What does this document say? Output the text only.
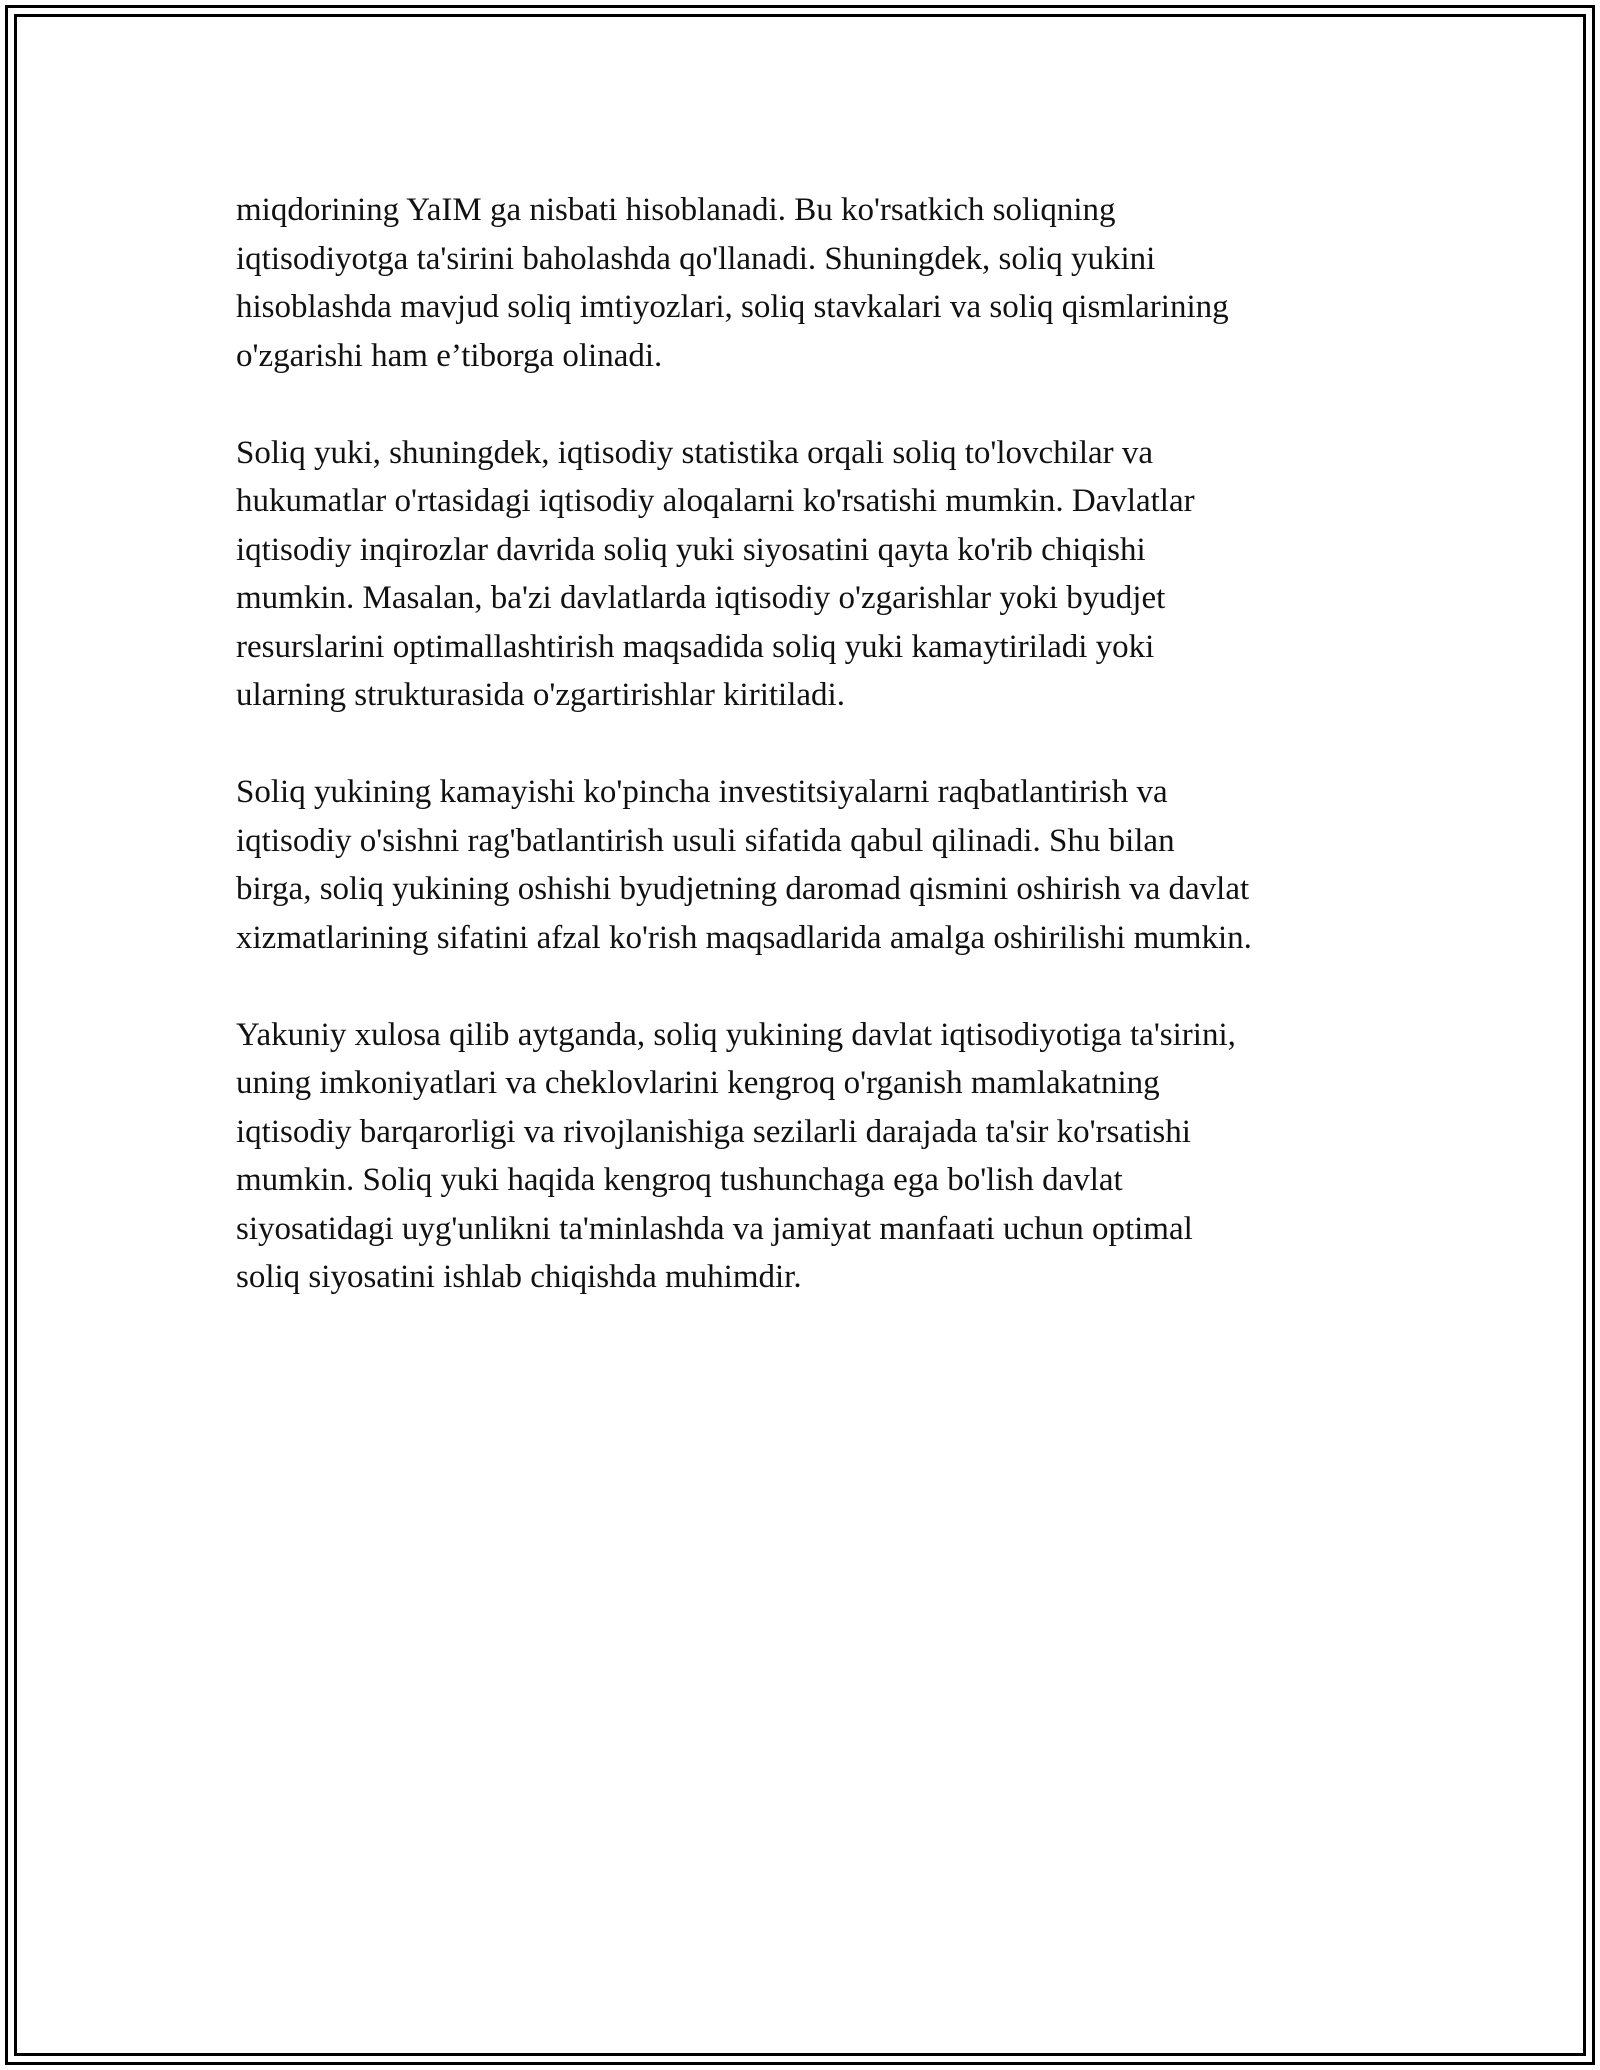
miqdorining YaIM ga nisbati hisoblanadi. Bu ko'rsatkich soliqning
iqtisodiyotga ta'sirini baholashda qo'llanadi. Shuningdek, soliq yukini
hisoblashda mavjud soliq imtiyozlari, soliq stavkalari va soliq qismlarining
o'zgarishi ham e’tiborga olinadi.

Soliq yuki, shuningdek, iqtisodiy statistika orqali soliq to'lovchilar va
hukumatlar o'rtasidagi iqtisodiy aloqalarni ko'rsatishi mumkin. Davlatlar
iqtisodiy inqirozlar davrida soliq yuki siyosatini qayta ko'rib chiqishi
mumkin. Masalan, ba'zi davlatlarda iqtisodiy o'zgarishlar yoki byudjet
resurslarini optimallashtirish maqsadida soliq yuki kamaytiriladi yoki
ularning strukturasida o'zgartirishlar kiritiladi.

Soliq yukining kamayishi ko'pincha investitsiyalarni raqbatlantirish va
iqtisodiy o'sishni rag'batlantirish usuli sifatida qabul qilinadi. Shu bilan
birga, soliq yukining oshishi byudjetning daromad qismini oshirish va davlat
xizmatlarining sifatini afzal ko'rish maqsadlarida amalga oshirilishi mumkin.

Yakuniy xulosa qilib aytganda, soliq yukining davlat iqtisodiyotiga ta'sirini,
uning imkoniyatlari va cheklovlarini kengroq o'rganish mamlakatning
iqtisodiy barqarorligi va rivojlanishiga sezilarli darajada ta'sir ko'rsatishi
mumkin. Soliq yuki haqida kengroq tushunchaga ega bo'lish davlat
siyosatidagi uyg'unlikni ta'minlashda va jamiyat manfaati uchun optimal
soliq siyosatini ishlab chiqishda muhimdir.
